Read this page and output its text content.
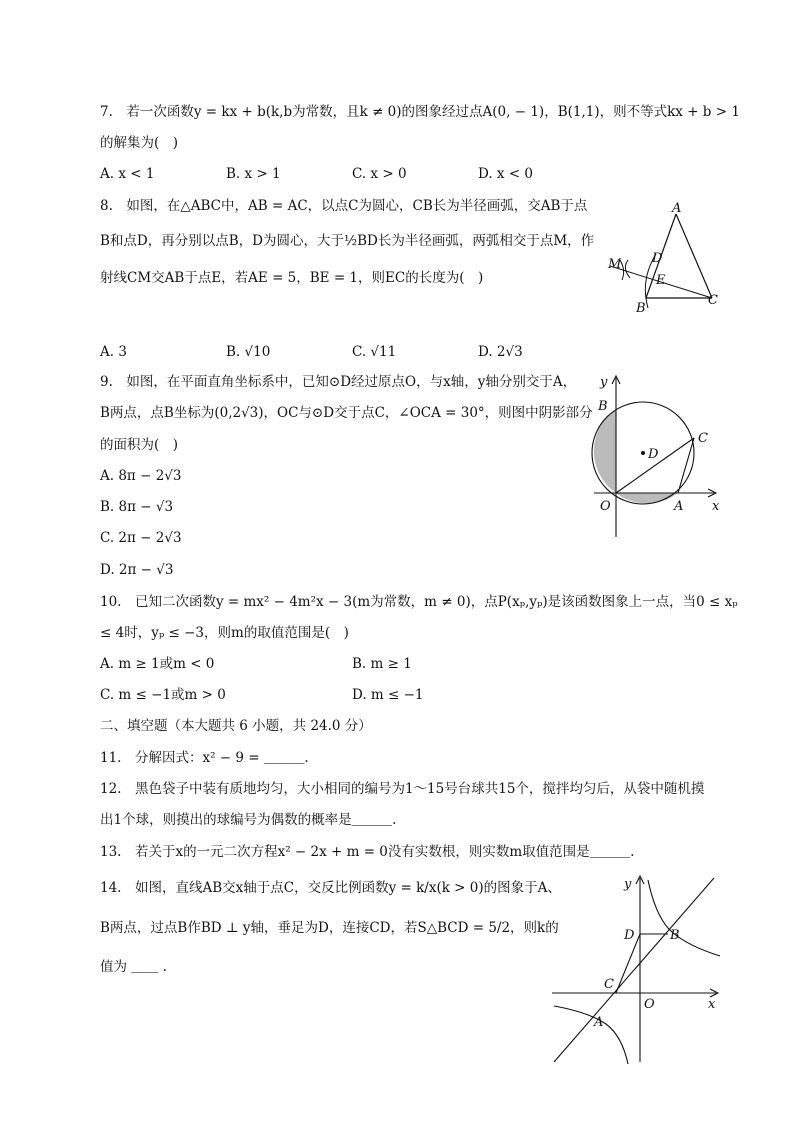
7.　若一次函数y = kx + b(k,b为常数，且k ≠ 0)的图象经过点A(0, − 1)，B(1,1)，则不等式kx + b > 1
的解集为(　)
A. x < 1	B. x > 1	C. x > 0	D. x < 0
8.　如图，在△ABC中，AB = AC，以点C为圆心，CB长为半径画弧，交AB于点
B和点D，再分别以点B，D为圆心，大于½BD长为半径画弧，两弧相交于点M，作
射线CM交AB于点E，若AE = 5，BE = 1，则EC的长度为(　)
A. 3	B. √10	C. √11	D. 2√3
A
D
E
M
B
C
9.　如图，在平面直角坐标系中，已知⊙D经过原点O，与x轴，y轴分别交于A，
B两点，点B坐标为(0,2√3)，OC与⊙D交于点C，∠OCA = 30°，则图中阴影部分
的面积为(　)
A. 8π − 2√3
B. 8π − √3
C. 2π − 2√3
D. 2π − √3
y
x
B
C
D
O	A
10.　已知二次函数y = mx² − 4m²x − 3(m为常数，m ≠ 0)，点P(xₚ,yₚ)是该函数图象上一点，当0 ≤ xₚ
≤ 4时，yₚ ≤ −3，则m的取值范围是(　)
A. m ≥ 1或m < 0	B. m ≥ 1
C. m ≤ −1或m > 0	D. m ≤ −1
二、填空题（本大题共 6 小题，共 24.0 分）
11.　分解因式：x² − 9 = ＿＿＿.
12.　黑色袋子中装有质地均匀，大小相同的编号为1～15号台球共15个，搅拌均匀后，从袋中随机摸
出1个球，则摸出的球编号为偶数的概率是＿＿＿.
13.　若关于x的一元二次方程x² − 2x + m = 0没有实数根，则实数m取值范围是＿＿＿.
14.　如图，直线AB交x轴于点C，交反比例函数y = k/x(k > 0)的图象于A、
B两点，过点B作BD ⊥ y轴，垂足为D，连接CD，若S△BCD = 5/2，则k的
值为 ＿＿ .
y
x
D	B
C
O
A
